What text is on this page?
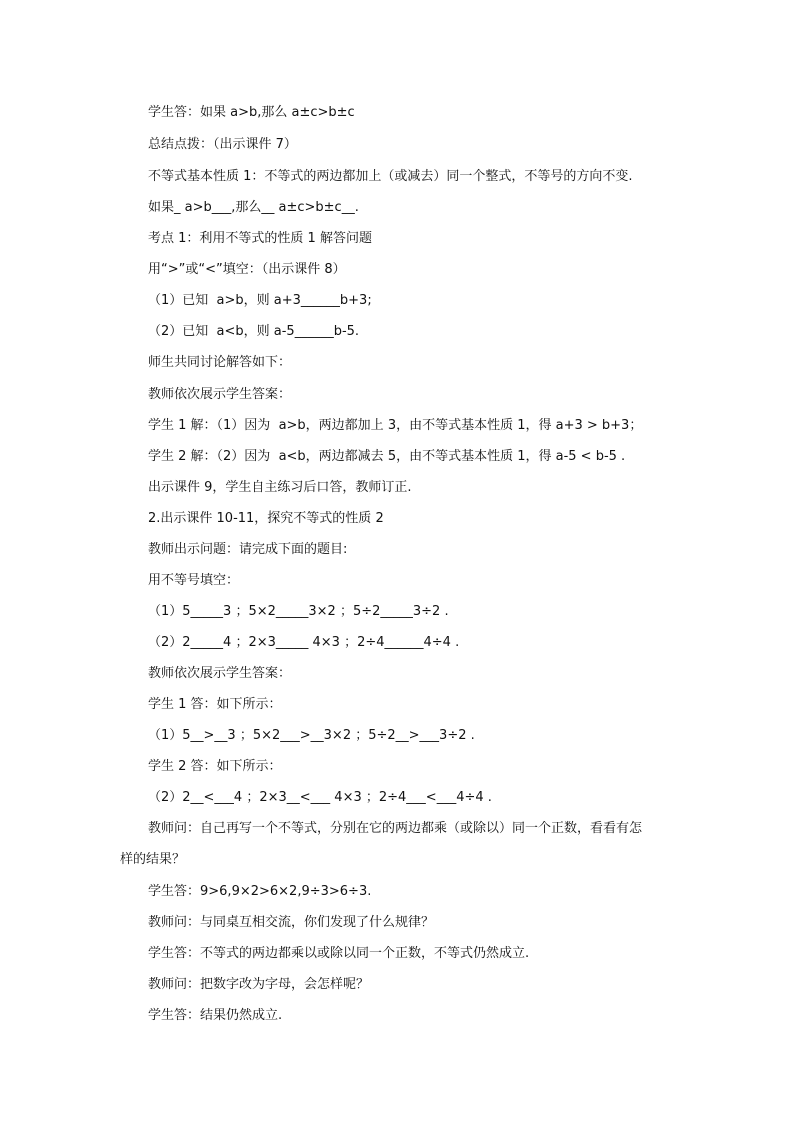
学生答：如果 a>b,那么 a±c>b±c
总结点拨：（出示课件 7）
不等式基本性质 1：不等式的两边都加上（或减去）同一个整式，不等号的方向不变.
如果_ a>b___,那么__ a±c>b±c__.
考点 1：利用不等式的性质 1 解答问题
用“>”或“<”填空：（出示课件 8）
（1）已知  a>b，则 a+3______b+3;
（2）已知  a<b，则 a-5______b-5.
师生共同讨论解答如下：
教师依次展示学生答案：
学生 1 解：（1）因为  a>b，两边都加上 3，由不等式基本性质 1，得 a+3 > b+3；
学生 2 解：（2）因为  a<b，两边都减去 5，由不等式基本性质 1，得 a-5 < b-5 .
出示课件 9，学生自主练习后口答，教师订正.
2.出示课件 10-11，探究不等式的性质 2
教师出示问题：请完成下面的题目:
用不等号填空：
（1）5_____3 ；5×2_____3×2 ；5÷2_____3÷2 .
（2）2_____4 ；2×3_____ 4×3 ；2÷4______4÷4 .
教师依次展示学生答案：
学生 1 答：如下所示：
（1）5__>__3 ；5×2___>__3×2 ；5÷2__>___3÷2 .
学生 2 答：如下所示：
（2）2__<___4 ；2×3__<___ 4×3 ；2÷4___<___4÷4 .
教师问：自己再写一个不等式，分别在它的两边都乘（或除以）同一个正数，看看有怎
样的结果？
学生答：9>6,9×2>6×2,9÷3>6÷3.
教师问：与同桌互相交流，你们发现了什么规律？
学生答：不等式的两边都乘以或除以同一个正数，不等式仍然成立.
教师问：把数字改为字母，会怎样呢？
学生答：结果仍然成立.
